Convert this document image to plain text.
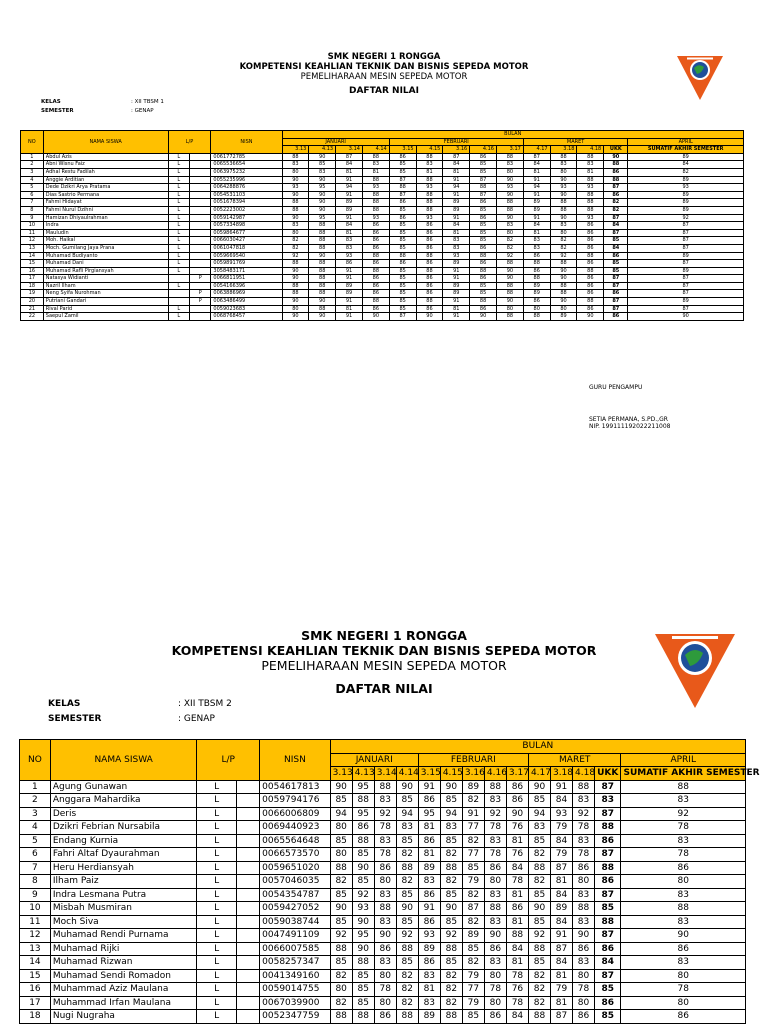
SMK NEGERI 1 RONGGA
KOMPETENSI KEAHLIAN TEKNIK DAN BISNIS SEPEDA MOTOR
PEMELIHARAAN MESIN SEPEDA MOTOR
DAFTAR NILAI
KELAS	: XII TBSM 1
SEMESTER	: GENAP
NO	NAMA SISWA	L/P		NISN	BULAN													
					JANUARI				FEBRUARI					MARET				APRIL
					3.13	4.13	3.14	4.14	3.15	4.15	3.16	4.16	3.17	4.17	3.18	4.18	UKK	SUMATIF AKHIR SEMESTER
1	Abdul Azis	L		0061772785	88	90	87	88	86	88	87	86	88	87	88	88	90	89
2	Abni Wisnu Faiz	L		0065536654	83	85	84	83	85	83	84	85	83	84	83	83	88	84
3	Adhal Restu Fadilah	L		0063975232	80	83	81	81	85	81	81	85	80	81	80	81	86	82
4	Anggie Arditian	L		0055235996	90	90	91	88	87	88	91	87	90	91	90	88	88	89
5	Dede Dzikri Arya Pratama	L		0064288876	93	95	94	93	88	93	94	88	93	94	93	93	87	93
6	Dias Sastrio Permana	L		0054531103	90	90	91	88	87	88	91	87	90	91	90	88	86	89
7	Fahmi Hidayat	L		0051678394	88	90	89	88	86	88	89	86	88	89	88	88	82	89
8	Fahmi Nurul Dzihni	L		0052223002	88	90	89	88	85	88	89	85	88	89	88	88	82	89
9	Hamizan Dhiyaulrahman	L		0059142987	90	95	91	93	86	93	91	86	90	91	90	93	87	92
10	Indra	L		0057334898	83	88	84	86	85	86	84	85	83	84	83	86	84	87
11	Mauludin	L		0059864677	80	88	81	86	85	86	81	85	80	81	80	86	87	87
12	Moh. Haikal	L		0066030427	82	88	83	86	85	86	83	85	82	83	82	86	85	87
13	Moch. Gumilang Jaya Prana	L		0061047818	82	88	83	86	85	86	83	86	82	83	82	86	84	87
14	Muhamad Budiyanto	L		0059669540	92	90	93	88	88	88	93	88	92	86	92	88	86	89
15	Muhamad Dani	L		0059891769	88	88	86	86	86	86	89	86	88	88	88	86	85	87
16	Muhamad Rafli Pirgiansyah	L		3058483171	90	88	91	88	85	88	91	88	90	86	90	88	85	89
17	Natasya Widianti		P	0066811951	90	88	91	86	85	86	91	86	90	88	90	86	87	87
18	Nazril Ilham	L		0054166396	88	88	89	86	85	86	89	85	88	89	88	86	87	87
19	Neng Syifa Nurohman		P	0063886969	88	88	89	86	85	86	89	85	88	89	88	86	86	87
20	Putriani Gandari		P	0063486499	90	90	91	88	85	88	91	88	90	86	90	88	87	89
21	Rival Parid	L		0059023683	80	88	81	86	85	86	81	86	80	80	80	86	87	87
22	Saepul Zamil	L		0068768457	90	90	91	90	87	90	91	90	88	88	89	90	86	90
GURU PENGAMPU
SETIA PERMANA, S.PD.,GR
NIP. 199111192022211008
SMK NEGERI 1 RONGGA
KOMPETENSI KEAHLIAN TEKNIK DAN BISNIS SEPEDA MOTOR
PEMELIHARAAN MESIN SEPEDA MOTOR
DAFTAR NILAI
KELAS	: XII TBSM 2
SEMESTER	: GENAP
NO	NAMA SISWA	L/P		NISN	BULAN													
					JANUARI				FEBRUARI					MARET				APRIL
					3.13	4.13	3.14	4.14	3.15	4.15	3.16	4.16	3.17	4.17	3.18	4.18	UKK	SUMATIF AKHIR SEMESTER
1	Agung Gunawan	L		0054617813	90	95	88	90	91	90	89	88	86	90	91	88	87	88
2	Anggara Mahardika	L		0059794176	85	88	83	85	86	85	82	83	86	85	84	83	83	83
3	Deris	L		0066006809	94	95	92	94	95	94	91	92	90	94	93	92	87	92
4	Dzikri Febrian Nursabila	L		0069440923	80	86	78	83	81	83	77	78	76	83	79	78	88	78
5	Endang Kurnia	L		0065564648	85	88	83	85	86	85	82	83	81	85	84	83	86	83
6	Fahri Altaf Dyaurahman	L		0066573570	80	85	78	82	81	82	77	78	76	82	79	78	87	78
7	Heru Herdiansyah	L		0059651020	88	90	86	88	89	88	85	86	84	88	87	86	88	86
8	Ilham Paiz	L		0057046035	82	85	80	82	83	82	79	80	78	82	81	80	86	80
9	Indra Lesmana Putra	L		0054354787	85	92	83	85	86	85	82	83	81	85	84	83	87	83
10	Misbah Musmiran	L		0059427052	90	93	88	90	91	90	87	88	86	90	89	88	85	88
11	Moch Siva	L		0059038744	85	90	83	85	86	85	82	83	81	85	84	83	88	83
12	Muhamad Rendi Purnama	L		0047491109	92	95	90	92	93	92	89	90	88	92	91	90	87	90
13	Muhamad Rijki	L		0066007585	88	90	86	88	89	88	85	86	84	88	87	86	86	86
14	Muhamad Rizwan	L		0058257347	85	88	83	85	86	85	82	83	81	85	84	83	84	83
15	Muhamad Sendi Romadon	L		0041349160	82	85	80	82	83	82	79	80	78	82	81	80	87	80
16	Muhammad Aziz Maulana	L		0059014755	80	85	78	82	81	82	77	78	76	82	79	78	85	78
17	Muhammad Irfan Maulana	L		0067039900	82	85	80	82	83	82	79	80	78	82	81	80	86	80
18	Nugi Nugraha	L		0052347759	88	88	86	88	89	88	85	86	84	88	87	86	85	86
